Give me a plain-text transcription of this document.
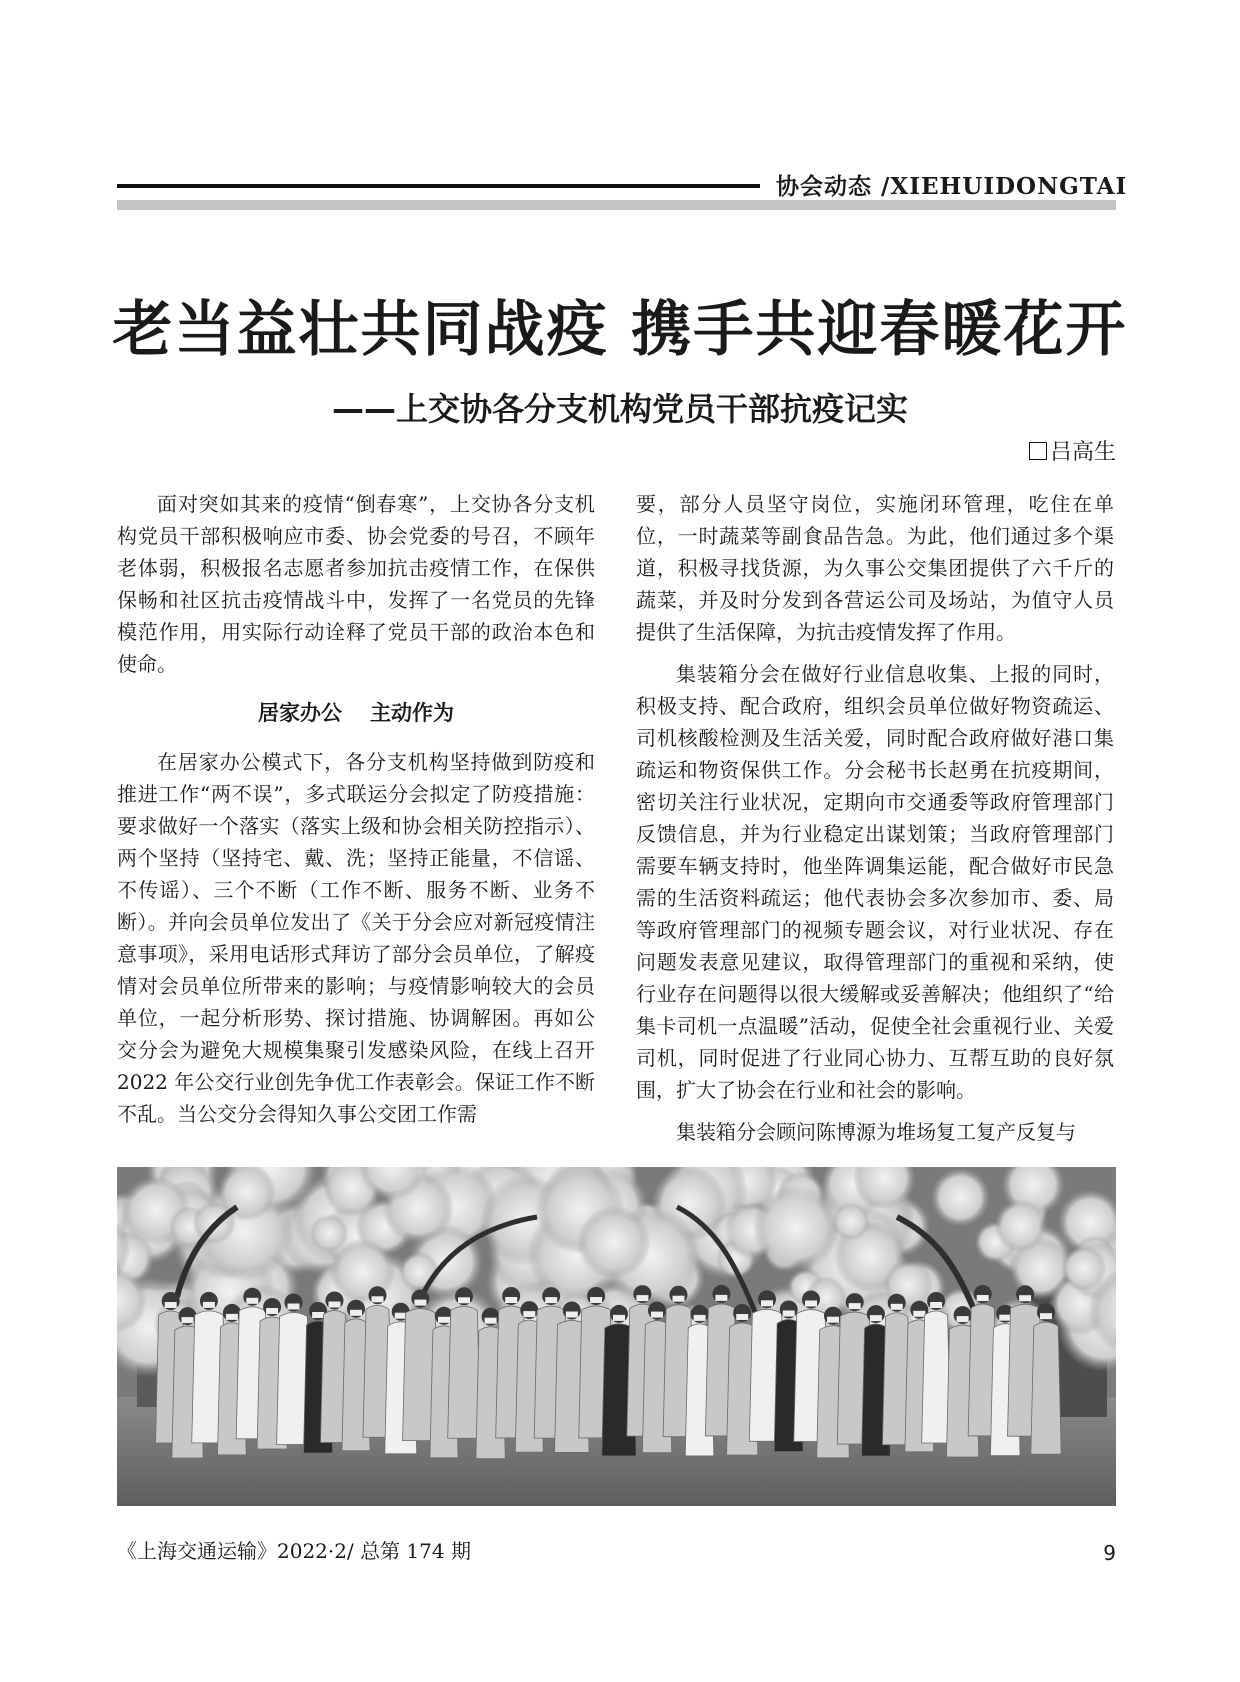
协会动态 /XIEHUIDONGTAI
老当益壮共同战疫 携手共迎春暖花开
——上交协各分支机构党员干部抗疫记实
吕高生

面对突如其来的疫情“倒春寒”，上交协各分支机构党员干部积极响应市委、协会党委的号召，不顾年老体弱，积极报名志愿者参加抗击疫情工作，在保供保畅和社区抗击疫情战斗中，发挥了一名党员的先锋模范作用，用实际行动诠释了党员干部的政治本色和使命。

居家办公 主动作为

在居家办公模式下，各分支机构坚持做到防疫和推进工作“两不误”，多式联运分会拟定了防疫措施：要求做好一个落实（落实上级和协会相关防控指示）、两个坚持（坚持宅、戴、洗；坚持正能量，不信谣、不传谣）、三个不断（工作不断、服务不断、业务不断）。并向会员单位发出了《关于分会应对新冠疫情注意事项》，采用电话形式拜访了部分会员单位，了解疫情对会员单位所带来的影响；与疫情影响较大的会员单位，一起分析形势、探讨措施、协调解困。再如公交分会为避免大规模集聚引发感染风险，在线上召开 2022 年公交行业创先争优工作表彰会。保证工作不断不乱。当公交分会得知久事公交团工作需

要，部分人员坚守岗位，实施闭环管理，吃住在单位，一时蔬菜等副食品告急。为此，他们通过多个渠道，积极寻找货源，为久事公交集团提供了六千斤的蔬菜，并及时分发到各营运公司及场站，为值守人员提供了生活保障，为抗击疫情发挥了作用。

集装箱分会在做好行业信息收集、上报的同时，积极支持、配合政府，组织会员单位做好物资疏运、司机核酸检测及生活关爱，同时配合政府做好港口集疏运和物资保供工作。分会秘书长赵勇在抗疫期间，密切关注行业状况，定期向市交通委等政府管理部门反馈信息，并为行业稳定出谋划策；当政府管理部门需要车辆支持时，他坐阵调集运能，配合做好市民急需的生活资料疏运；他代表协会多次参加市、委、局等政府管理部门的视频专题会议，对行业状况、存在问题发表意见建议，取得管理部门的重视和采纳，使行业存在问题得以很大缓解或妥善解决；他组织了“给集卡司机一点温暖”活动，促使全社会重视行业、关爱司机，同时促进了行业同心协力、互帮互助的良好氛围，扩大了协会在行业和社会的影响。

集装箱分会顾问陈博源为堆场复工复产反复与

《上海交通运输》2022·2/ 总第 174 期	9
